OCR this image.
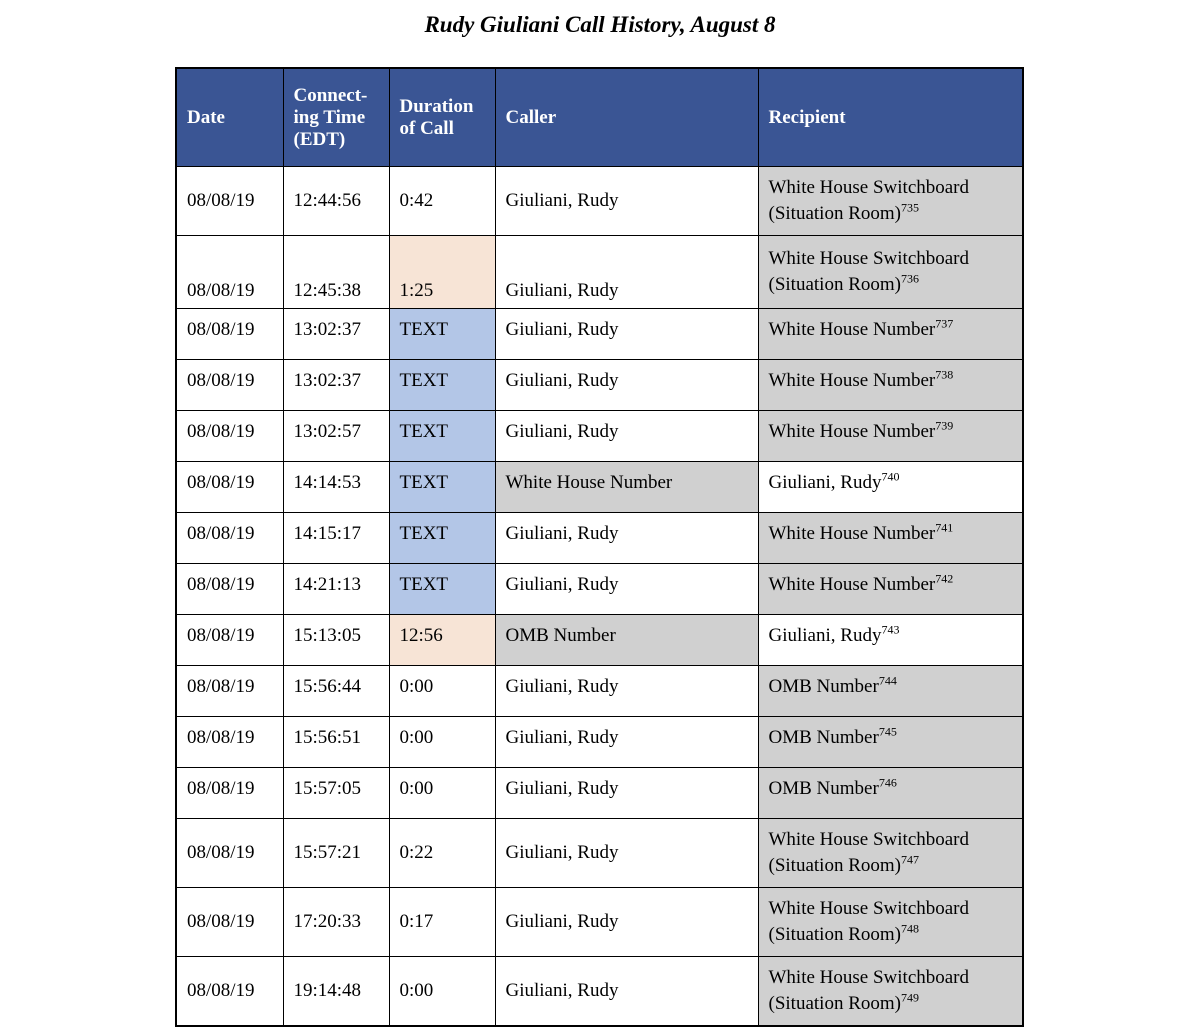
Rudy Giuliani Call History, August 8
Date	Connect-
ing Time
(EDT)	Duration
of Call	Caller	Recipient
08/08/19	12:44:56	0:42	Giuliani, Rudy	White House Switchboard
(Situation Room)$^{735}$

08/08/19	12:45:38	1:25	Giuliani, Rudy	White House Switchboard
(Situation Room)$^{736}$

08/08/19	13:02:37	TEXT	Giuliani, Rudy	White House Number$^{737}$
08/08/19	13:02:37	TEXT	Giuliani, Rudy	White House Number$^{738}$
08/08/19	13:02:57	TEXT	Giuliani, Rudy	White House Number$^{739}$
08/08/19	14:14:53	TEXT	White House Number	Giuliani, Rudy$^{740}$
08/08/19	14:15:17	TEXT	Giuliani, Rudy	White House Number$^{741}$
08/08/19	14:21:13	TEXT	Giuliani, Rudy	White House Number$^{742}$
08/08/19	15:13:05	12:56	OMB Number	Giuliani, Rudy$^{743}$
08/08/19	15:56:44	0:00	Giuliani, Rudy	OMB Number$^{744}$
08/08/19	15:56:51	0:00	Giuliani, Rudy	OMB Number$^{745}$
08/08/19	15:57:05	0:00	Giuliani, Rudy	OMB Number$^{746}$
08/08/19	15:57:21	0:22	Giuliani, Rudy	White House Switchboard
(Situation Room)$^{747}$

08/08/19	17:20:33	0:17	Giuliani, Rudy	White House Switchboard
(Situation Room)$^{748}$

08/08/19	19:14:48	0:00	Giuliani, Rudy	White House Switchboard
(Situation Room)$^{749}$
